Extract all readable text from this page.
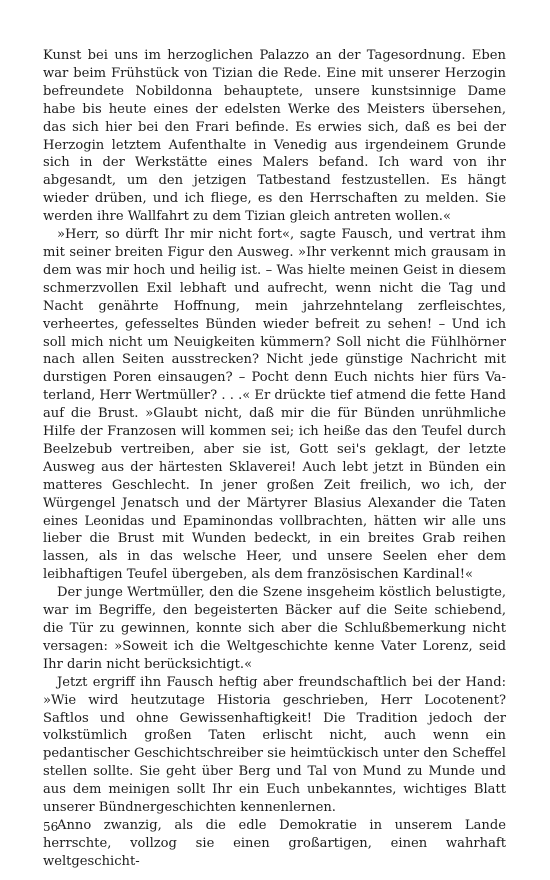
Kunst bei uns im herzoglichen Palazzo an der Tagesordnung. Eben war beim Frühstück von Tizian die Rede. Eine mit unserer Herzogin befreundete Nobildonna behauptete, unsere kunstsinnige Dame habe bis heute eines der edelsten Werke des Meisters übersehen, das sich hier bei den Frari befinde. Es erwies sich, daß es bei der Herzogin letztem Aufenthalte in Venedig aus irgendeinem Grunde sich in der Werkstätte eines Malers befand. Ich ward von ihr abgesandt, um den jetzigen Tatbestand festzustellen. Es hängt wieder drüben, und ich fliege, es den Herrschaften zu melden. Sie werden ihre Wallfahrt zu dem Tizian gleich antreten wollen.«

»Herr, so dürft Ihr mir nicht fort«, sagte Fausch, und vertrat ihm mit seiner breiten Figur den Ausweg. »Ihr verkennt mich grausam in dem was mir hoch und heilig ist. – Was hielte meinen Geist in diesem schmerzvollen Exil lebhaft und aufrecht, wenn nicht die Tag und Nacht genährte Hoffnung, mein jahrzehntelang zerfleischtes, verheertes, gefesseltes Bünden wieder befreit zu sehen! – Und ich soll mich nicht um Neuigkeiten kümmern? Soll nicht die Fühlhörner nach allen Seiten ausstrecken? Nicht jede günstige Nachricht mit durstigen Poren einsaugen? – Pocht denn Euch nichts hier fürs Vaterland, Herr Wertmüller? . . .« Er drückte tief atmend die fette Hand auf die Brust. »Glaubt nicht, daß mir die für Bünden unrühmliche Hilfe der Franzosen will kommen sei; ich heiße das den Teufel durch Beelzebub vertreiben, aber sie ist, Gott sei's geklagt, der letzte Ausweg aus der härtesten Sklaverei! Auch lebt jetzt in Bünden ein matteres Geschlecht. In jener großen Zeit freilich, wo ich, der Würgengel Jenatsch und der Märtyrer Blasius Alexander die Taten eines Leonidas und Epaminondas vollbrachten, hätten wir alle uns lieber die Brust mit Wunden bedeckt, in ein breites Grab reihen lassen, als in das welsche Heer, und unsere Seelen eher dem leibhaftigen Teufel übergeben, als dem französischen Kardinal!«

Der junge Wertmüller, den die Szene insgeheim köstlich belustigte, war im Begriffe, den begeisterten Bäcker auf die Seite schiebend, die Tür zu gewinnen, konnte sich aber die Schlußbemerkung nicht versagen: »Soweit ich die Weltgeschichte kenne Vater Lorenz, seid Ihr darin nicht berücksichtigt.«

Jetzt ergriff ihn Fausch heftig aber freundschaftlich bei der Hand: »Wie wird heutzutage Historia geschrieben, Herr Locotenent? Saftlos und ohne Gewissenhaftigkeit! Die Tradition jedoch der volkstümlich großen Taten erlischt nicht, auch wenn ein pedantischer Geschichtschreiber sie heimtückisch unter den Scheffel stellen sollte. Sie geht über Berg und Tal von Mund zu Munde und aus dem meinigen sollt Ihr ein Euch unbekanntes, wichtiges Blatt unserer Bündnergeschichten kennenlernen.

Anno zwanzig, als die edle Demokratie in unserem Lande herrschte, vollzog sie einen großartigen, einen wahrhaft weltgeschicht-

56
